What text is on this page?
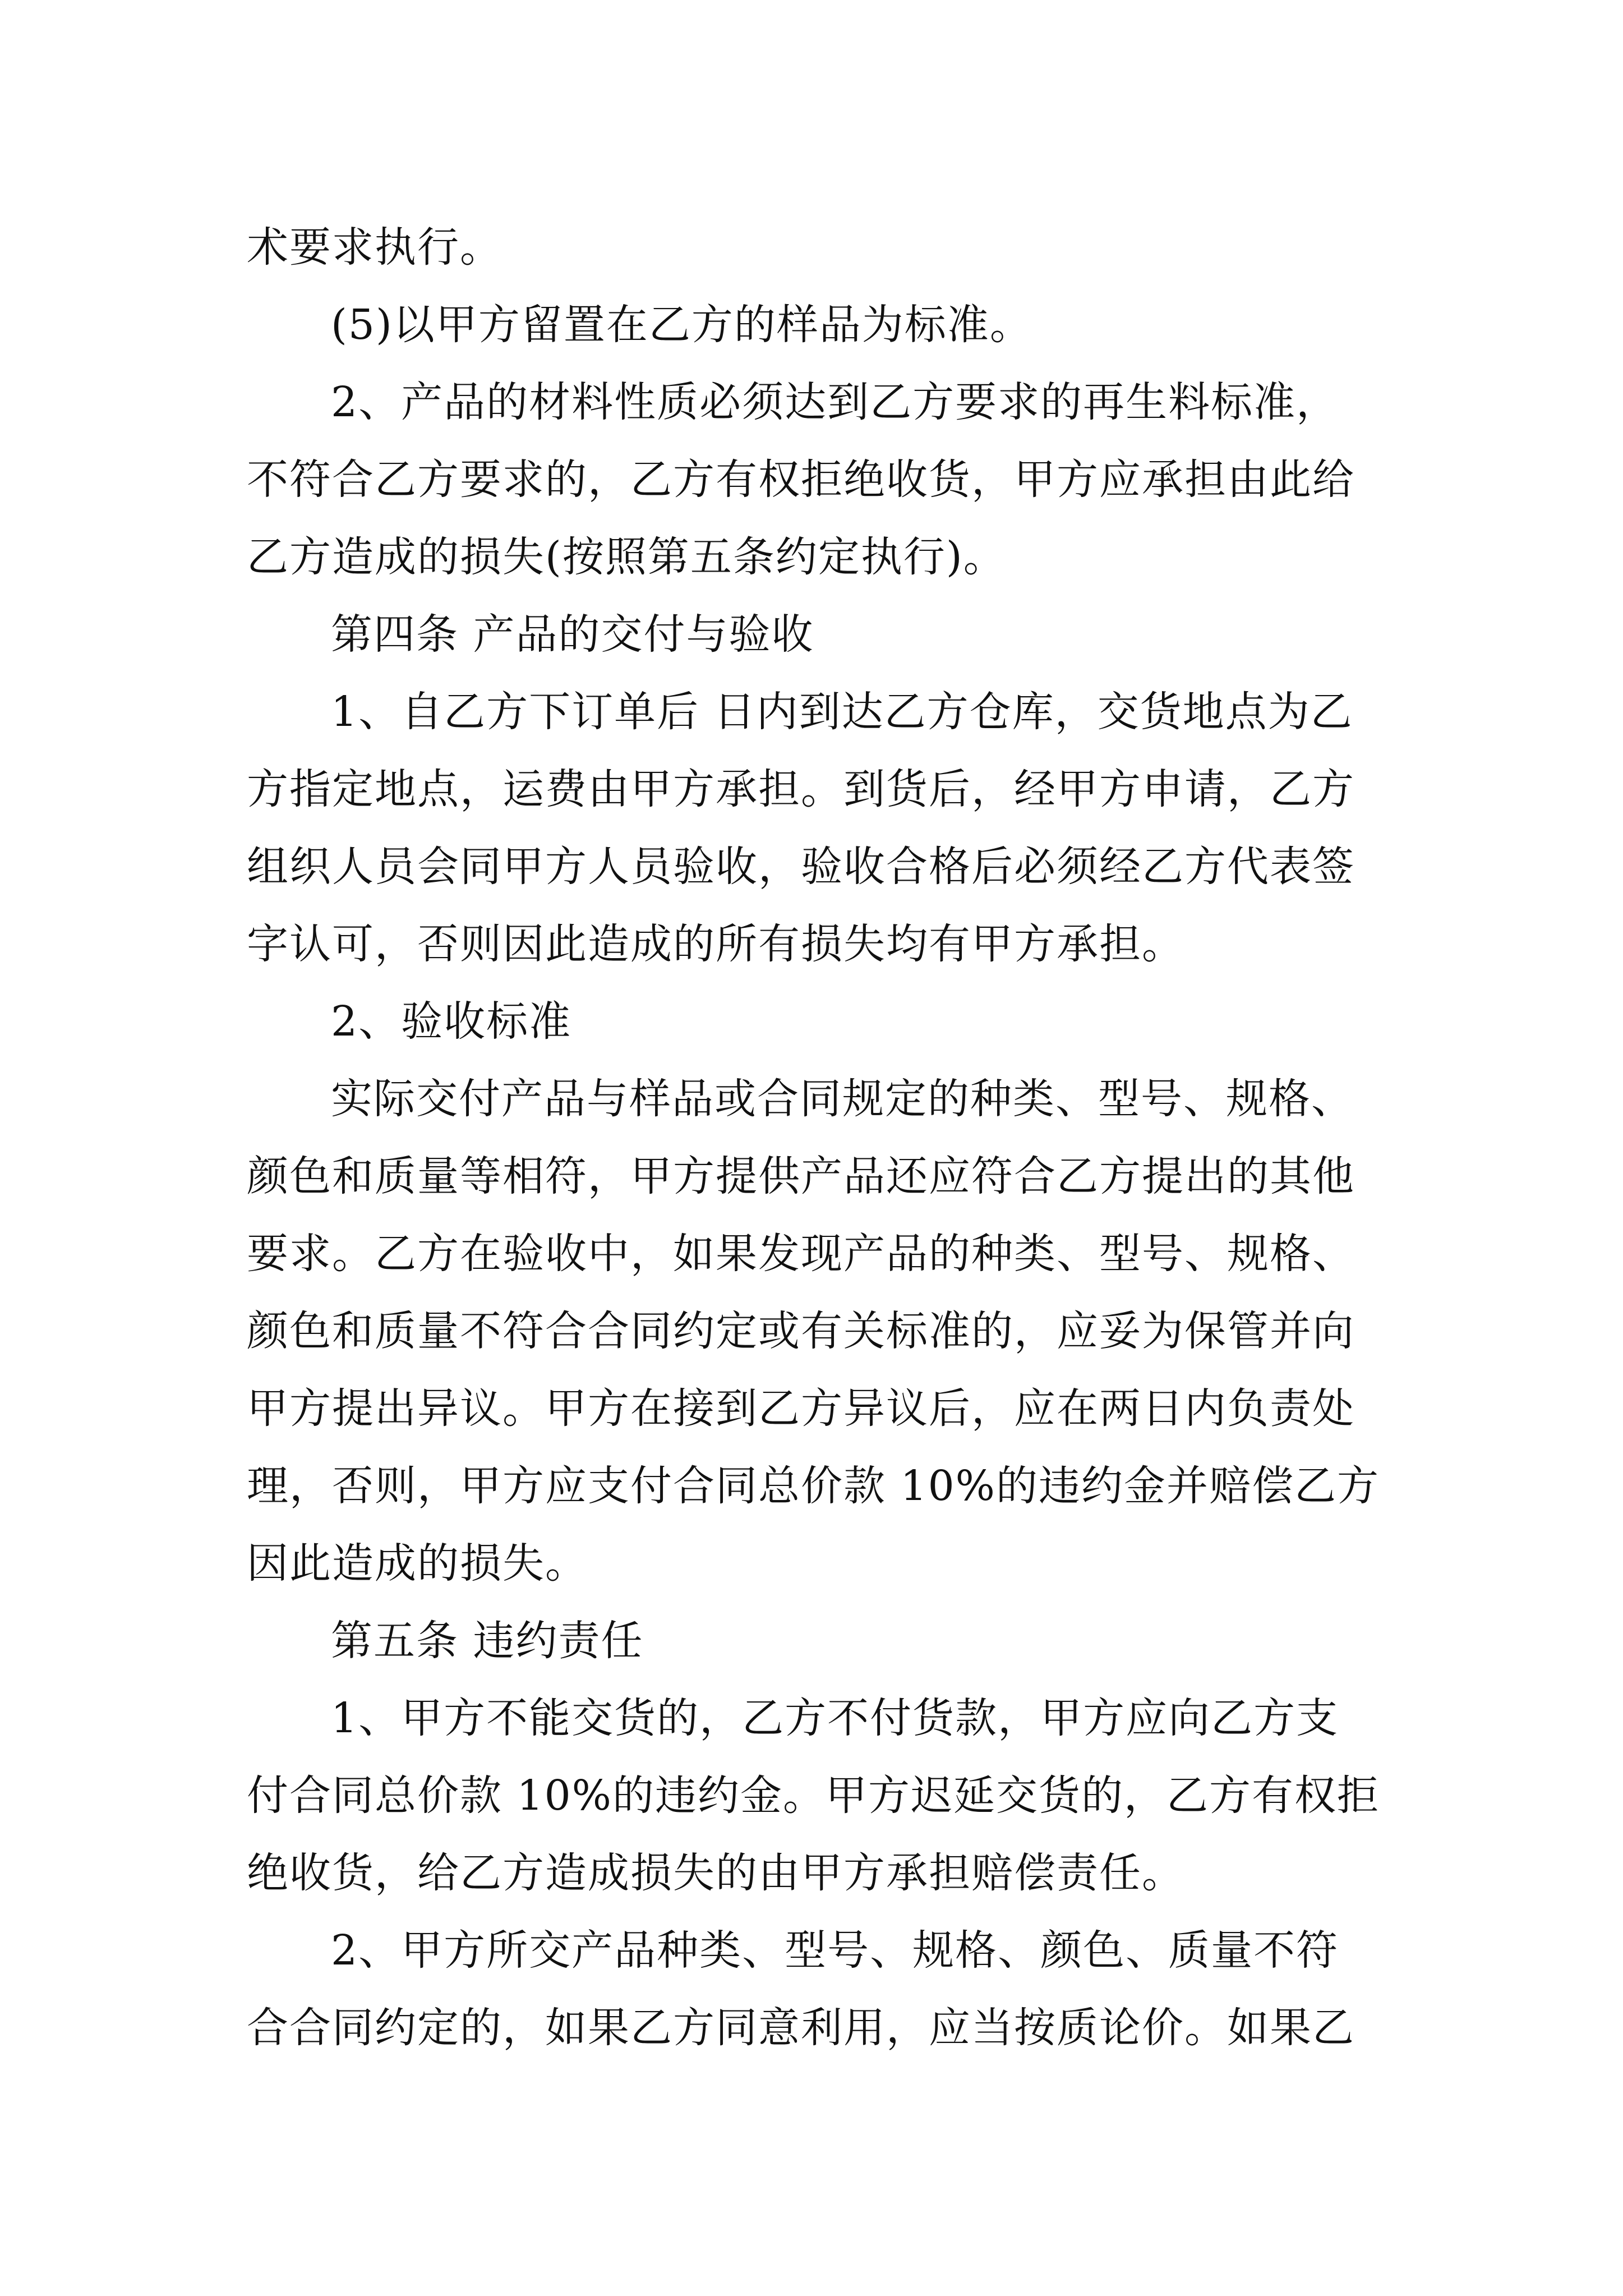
术要求执行。
(5)以甲方留置在乙方的样品为标准。
2、产品的材料性质必须达到乙方要求的再生料标准，
不符合乙方要求的，乙方有权拒绝收货，甲方应承担由此给
乙方造成的损失(按照第五条约定执行)。
第四条 产品的交付与验收
1、自乙方下订单后 日内到达乙方仓库，交货地点为乙
方指定地点，运费由甲方承担。到货后，经甲方申请，乙方
组织人员会同甲方人员验收，验收合格后必须经乙方代表签
字认可，否则因此造成的所有损失均有甲方承担。
2、验收标准
实际交付产品与样品或合同规定的种类、型号、规格、
颜色和质量等相符，甲方提供产品还应符合乙方提出的其他
要求。乙方在验收中，如果发现产品的种类、型号、规格、
颜色和质量不符合合同约定或有关标准的，应妥为保管并向
甲方提出异议。甲方在接到乙方异议后，应在两日内负责处
理，否则，甲方应支付合同总价款 10%的违约金并赔偿乙方
因此造成的损失。
第五条 违约责任
1、甲方不能交货的，乙方不付货款，甲方应向乙方支
付合同总价款 10%的违约金。甲方迟延交货的，乙方有权拒
绝收货，给乙方造成损失的由甲方承担赔偿责任。
2、甲方所交产品种类、型号、规格、颜色、质量不符
合合同约定的，如果乙方同意利用，应当按质论价。如果乙
